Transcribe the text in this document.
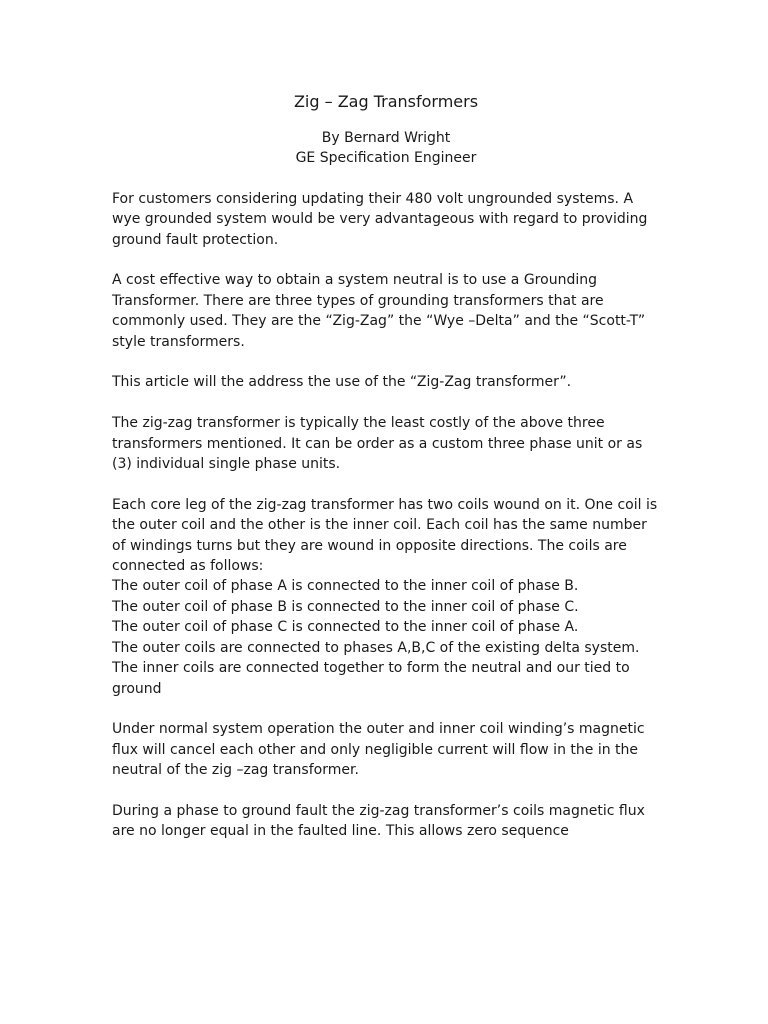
Zig – Zag Transformers
By Bernard Wright
GE Specification Engineer

For customers considering updating their 480 volt ungrounded systems. A wye grounded system would be very advantageous with regard to providing ground fault protection.

A cost effective way to obtain a system neutral is to use a Grounding Transformer. There are three types of grounding transformers that are commonly used. They are the “Zig-Zag” the “Wye –Delta” and the “Scott-T” style transformers.

This article will the address the use of the “Zig-Zag transformer”.

The zig-zag transformer is typically the least costly of the above three transformers mentioned. It can be order as a custom three phase unit or as (3) individual single phase units.

Each core leg of the zig-zag transformer has two coils wound on it. One coil is the outer coil and the other is the inner coil. Each coil has the same number of windings turns but they are wound in opposite directions. The coils are connected as follows:
The outer coil of phase A is connected to the inner coil of phase B.
The outer coil of phase B is connected to the inner coil of phase C.
The outer coil of phase C is connected to the inner coil of phase A.
The outer coils are connected to phases A,B,C of the existing delta system.
The inner coils are connected together to form the neutral and our tied to ground

Under normal system operation the outer and inner coil winding’s magnetic flux will cancel each other and only negligible current will flow in the in the neutral of the zig –zag transformer.

During a phase to ground fault the zig-zag transformer’s coils magnetic flux are no longer equal in the faulted line. This allows zero sequence
